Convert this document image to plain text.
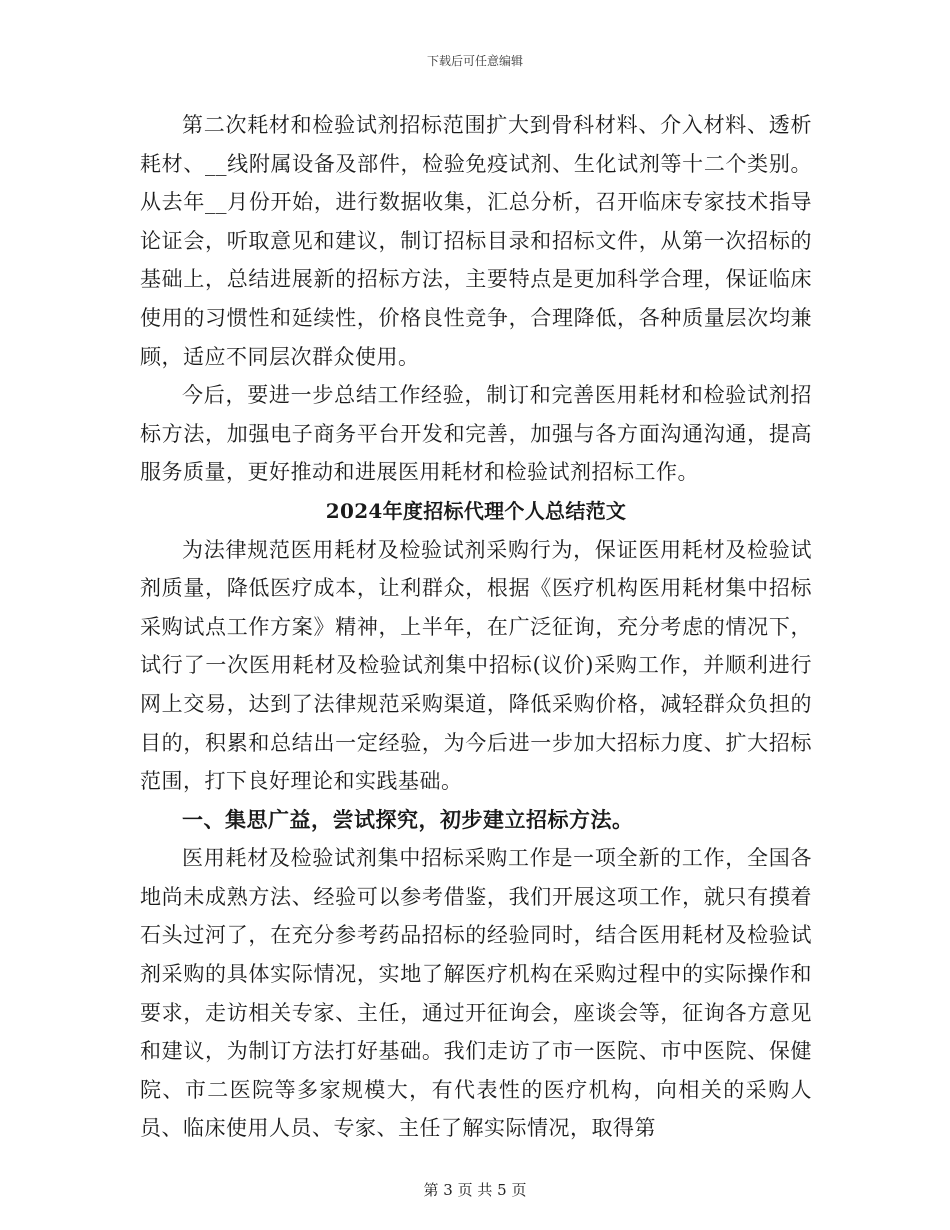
下载后可任意编辑

第二次耗材和检验试剂招标范围扩大到骨科材料、介入材料、透析耗材、__线附属设备及部件，检验免疫试剂、生化试剂等十二个类别。从去年__月份开始，进行数据收集，汇总分析，召开临床专家技术指导论证会，听取意见和建议，制订招标目录和招标文件，从第一次招标的基础上，总结进展新的招标方法，主要特点是更加科学合理，保证临床使用的习惯性和延续性，价格良性竞争，合理降低，各种质量层次均兼顾，适应不同层次群众使用。

今后，要进一步总结工作经验，制订和完善医用耗材和检验试剂招标方法，加强电子商务平台开发和完善，加强与各方面沟通沟通，提高服务质量，更好推动和进展医用耗材和检验试剂招标工作。

2024年度招标代理个人总结范文

为法律规范医用耗材及检验试剂采购行为，保证医用耗材及检验试剂质量，降低医疗成本，让利群众，根据《医疗机构医用耗材集中招标采购试点工作方案》精神，上半年，在广泛征询，充分考虑的情况下，试行了一次医用耗材及检验试剂集中招标(议价)采购工作，并顺利进行网上交易，达到了法律规范采购渠道，降低采购价格，减轻群众负担的目的，积累和总结出一定经验，为今后进一步加大招标力度、扩大招标范围，打下良好理论和实践基础。

一、集思广益，尝试探究，初步建立招标方法。

医用耗材及检验试剂集中招标采购工作是一项全新的工作，全国各地尚未成熟方法、经验可以参考借鉴，我们开展这项工作，就只有摸着石头过河了，在充分参考药品招标的经验同时，结合医用耗材及检验试剂采购的具体实际情况，实地了解医疗机构在采购过程中的实际操作和要求，走访相关专家、主任，通过开征询会，座谈会等，征询各方意见和建议，为制订方法打好基础。我们走访了市一医院、市中医院、保健院、市二医院等多家规模大，有代表性的医疗机构，向相关的采购人员、临床使用人员、专家、主任了解实际情况，取得第

第 3 页 共 5 页
